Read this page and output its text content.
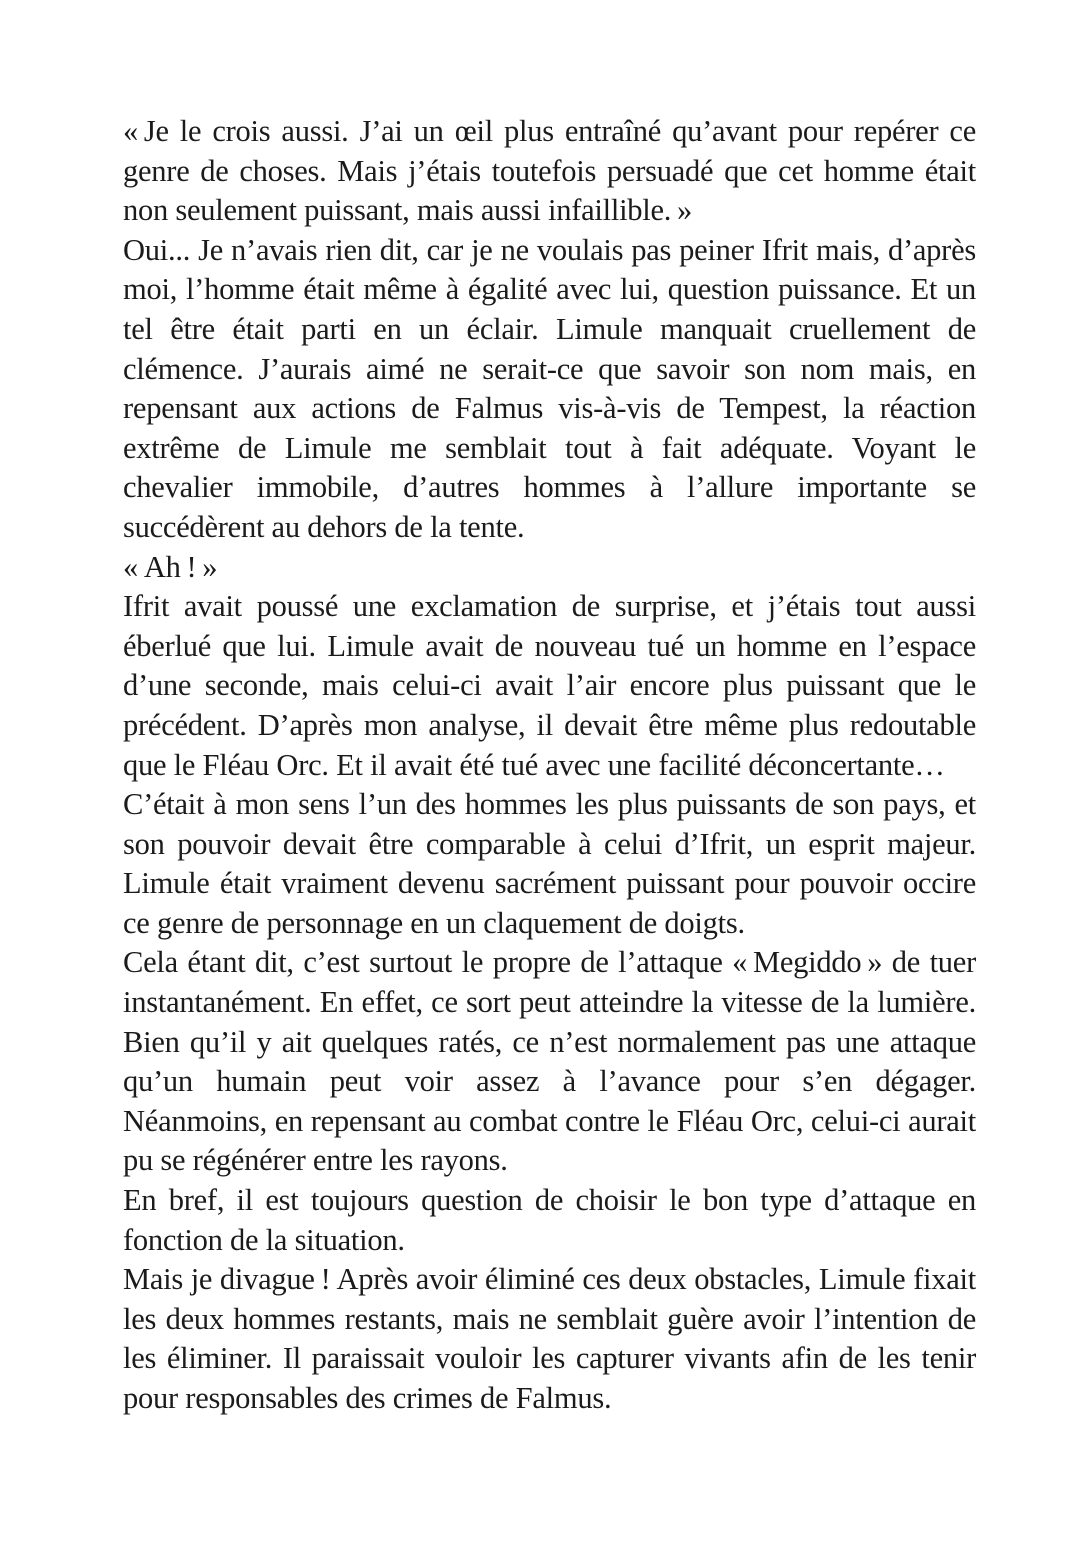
« Je le crois aussi. J’ai un œil plus entraîné qu’avant pour repérer ce genre de choses. Mais j’étais toutefois persuadé que cet homme était non seulement puissant, mais aussi infaillible. »

Oui... Je n’avais rien dit, car je ne voulais pas peiner Ifrit mais, d’après moi, l’homme était même à égalité avec lui, question puissance. Et un tel être était parti en un éclair. Limule manquait cruellement de clémence. J’aurais aimé ne serait-ce que savoir son nom mais, en repensant aux actions de Falmus vis-à-vis de Tempest, la réaction extrême de Limule me semblait tout à fait adéquate. Voyant le chevalier immobile, d’autres hommes à l’allure importante se succédèrent au dehors de la tente.

« Ah ! »

Ifrit avait poussé une exclamation de surprise, et j’étais tout aussi éberlué que lui. Limule avait de nouveau tué un homme en l’espace d’une seconde, mais celui-ci avait l’air encore plus puissant que le précédent. D’après mon analyse, il devait être même plus redoutable que le Fléau Orc. Et il avait été tué avec une facilité déconcertante…

C’était à mon sens l’un des hommes les plus puissants de son pays, et son pouvoir devait être comparable à celui d’Ifrit, un esprit majeur. Limule était vraiment devenu sacrément puissant pour pouvoir occire ce genre de personnage en un claquement de doigts.

Cela étant dit, c’est surtout le propre de l’attaque « Megiddo » de tuer instantanément. En effet, ce sort peut atteindre la vitesse de la lumière. Bien qu’il y ait quelques ratés, ce n’est normalement pas une attaque qu’un humain peut voir assez à l’avance pour s’en dégager. Néanmoins, en repensant au combat contre le Fléau Orc, celui-ci aurait pu se régénérer entre les rayons.

En bref, il est toujours question de choisir le bon type d’attaque en fonction de la situation.

Mais je divague ! Après avoir éliminé ces deux obstacles, Limule fixait les deux hommes restants, mais ne semblait guère avoir l’intention de les éliminer. Il paraissait vouloir les capturer vivants afin de les tenir pour responsables des crimes de Falmus.
